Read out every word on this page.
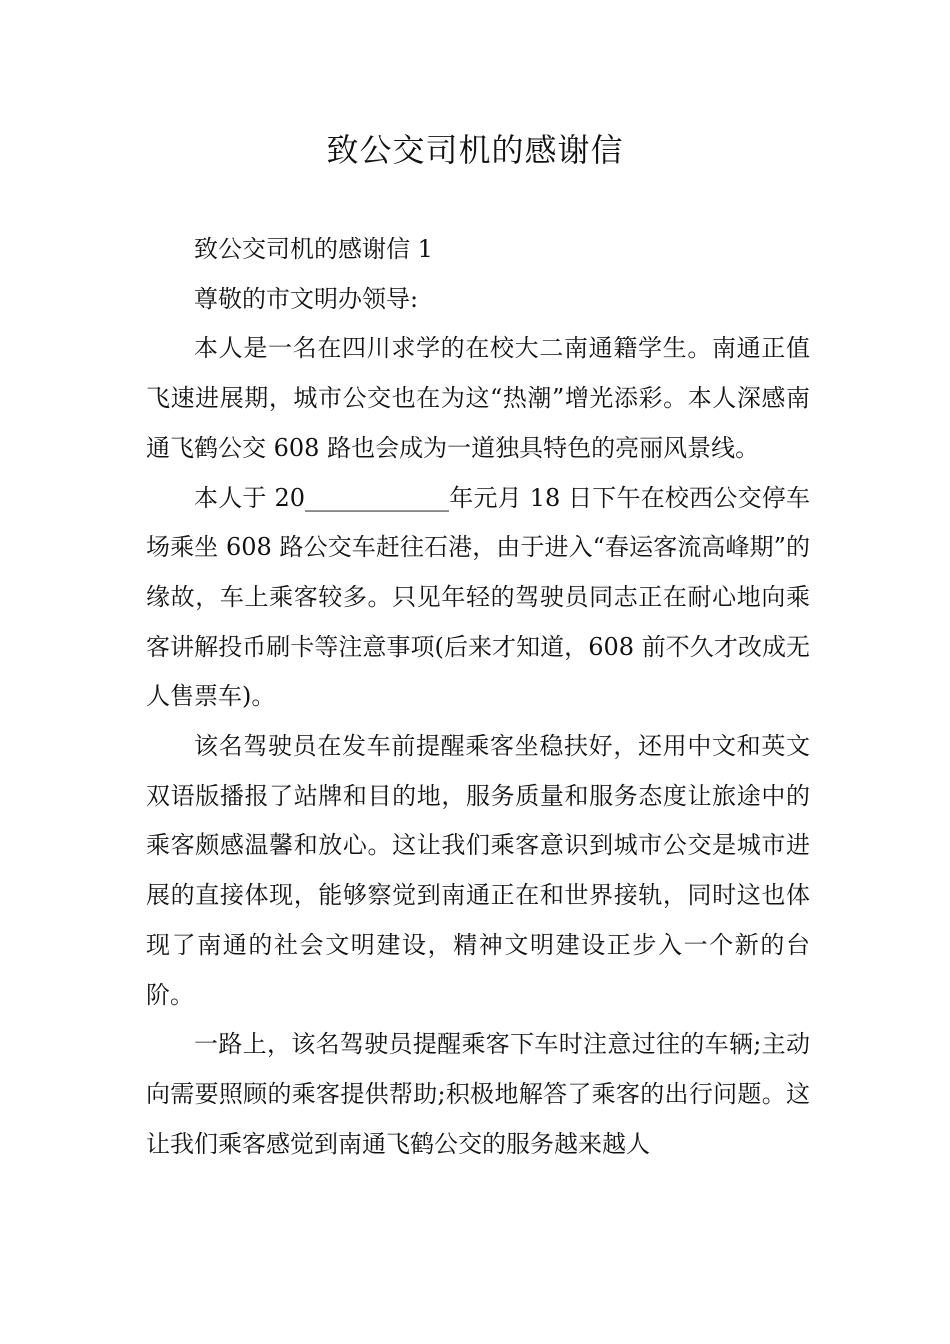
致公交司机的感谢信

致公交司机的感谢信 1

尊敬的市文明办领导:

本人是一名在四川求学的在校大二南通籍学生。南通正值飞速进展期，城市公交也在为这“热潮”增光添彩。本人深感南通飞鹤公交 608 路也会成为一道独具特色的亮丽风景线。

本人于 20____________年元月 18 日下午在校西公交停车场乘坐 608 路公交车赶往石港，由于进入“春运客流高峰期”的缘故，车上乘客较多。只见年轻的驾驶员同志正在耐心地向乘客讲解投币刷卡等注意事项(后来才知道，608 前不久才改成无人售票车)。

该名驾驶员在发车前提醒乘客坐稳扶好，还用中文和英文双语版播报了站牌和目的地，服务质量和服务态度让旅途中的乘客颇感温馨和放心。这让我们乘客意识到城市公交是城市进展的直接体现，能够察觉到南通正在和世界接轨，同时这也体现了南通的社会文明建设，精神文明建设正步入一个新的台阶。

一路上，该名驾驶员提醒乘客下车时注意过往的车辆;主动向需要照顾的乘客提供帮助;积极地解答了乘客的出行问题。这让我们乘客感觉到南通飞鹤公交的服务越来越人
